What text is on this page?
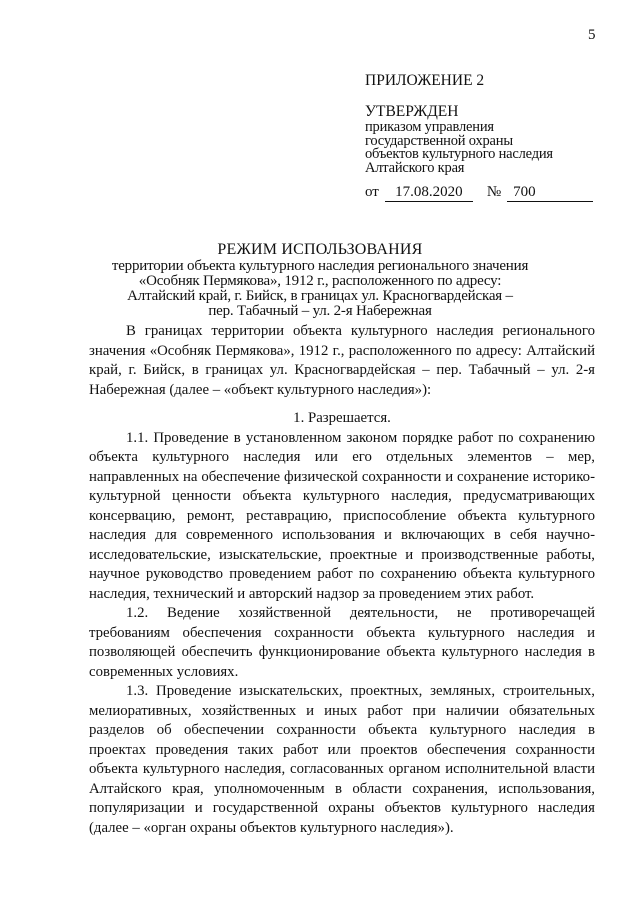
5
ПРИЛОЖЕНИЕ 2
УТВЕРЖДЕН
приказом управления
государственной охраны
объектов культурного наследия
Алтайского края
от 17.08.2020 № 700
РЕЖИМ ИСПОЛЬЗОВАНИЯ
территории объекта культурного наследия регионального значения
«Особняк Пермякова», 1912 г., расположенного по адресу:
Алтайский край, г. Бийск, в границах ул. Красногвардейская –
пер. Табачный – ул. 2-я Набережная

В границах территории объекта культурного наследия регионального значения «Особняк Пермякова», 1912 г., расположенного по адресу: Алтайский край, г. Бийск, в границах ул. Красногвардейская – пер. Табачный – ул. 2-я Набережная (далее – «объект культурного наследия»):

1. Разрешается.

1.1. Проведение в установленном законом порядке работ по сохранению объекта культурного наследия или его отдельных элементов – мер, направленных на обеспечение физической сохранности и сохранение историко-культурной ценности объекта культурного наследия, предусматривающих консервацию, ремонт, реставрацию, приспособление объекта культурного наследия для современного использования и включающих в себя научно-исследовательские, изыскательские, проектные и производственные работы, научное руководство проведением работ по сохранению объекта культурного наследия, технический и авторский надзор за проведением этих работ.

1.2. Ведение хозяйственной деятельности, не противоречащей требованиям обеспечения сохранности объекта культурного наследия и позволяющей обеспечить функционирование объекта культурного наследия в современных условиях.

1.3. Проведение изыскательских, проектных, земляных, строительных, мелиоративных, хозяйственных и иных работ при наличии обязательных разделов об обеспечении сохранности объекта культурного наследия в проектах проведения таких работ или проектов обеспечения сохранности объекта культурного наследия, согласованных органом исполнительной власти Алтайского края, уполномоченным в области сохранения, использования, популяризации и государственной охраны объектов культурного наследия (далее – «орган охраны объектов культурного наследия»).
